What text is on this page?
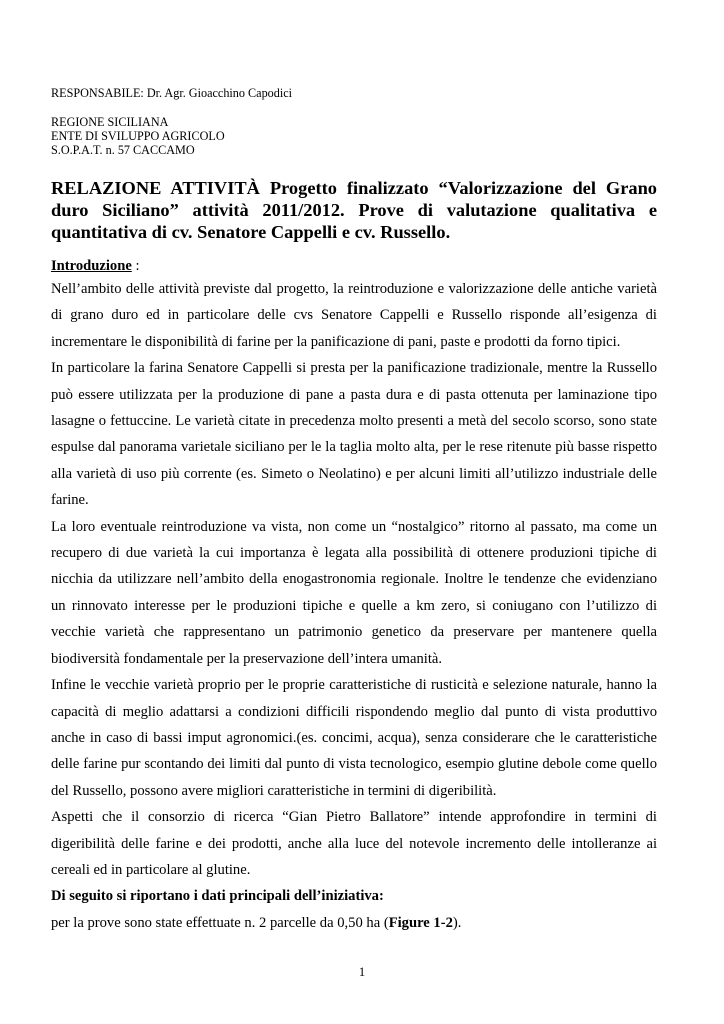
RESPONSABILE: Dr. Agr. Gioacchino Capodici
REGIONE SICILIANA
ENTE DI SVILUPPO AGRICOLO
S.O.P.A.T. n. 57 CACCAMO
RELAZIONE ATTIVITÀ Progetto finalizzato “Valorizzazione del Grano duro Siciliano” attività 2011/2012. Prove di valutazione qualitativa e quantitativa di cv. Senatore Cappelli e cv. Russello.
Introduzione :

Nell’ambito delle attività previste dal progetto, la reintroduzione e valorizzazione delle antiche varietà di grano duro ed in particolare delle cvs Senatore Cappelli e Russello risponde all’esigenza di incrementare le disponibilità di farine per la panificazione di pani, paste e prodotti da forno tipici.

In particolare la farina Senatore Cappelli si presta per la panificazione tradizionale, mentre la Russello può essere utilizzata per la produzione di pane a pasta dura e di pasta ottenuta per laminazione tipo lasagne o fettuccine. Le varietà citate in precedenza molto presenti a metà del secolo scorso, sono state espulse dal panorama varietale siciliano per le la taglia molto alta, per le rese ritenute più basse rispetto alla varietà di uso più corrente (es. Simeto o Neolatino) e per alcuni limiti all’utilizzo industriale delle farine.

La loro eventuale reintroduzione va vista, non come un “nostalgico” ritorno al passato, ma come un recupero di due varietà la cui importanza è legata alla possibilità di ottenere produzioni tipiche di nicchia da utilizzare nell’ambito della enogastronomia regionale. Inoltre le tendenze che evidenziano un rinnovato interesse per le produzioni tipiche e quelle a km zero, si coniugano con l’utilizzo di vecchie varietà che rappresentano un patrimonio genetico da preservare per mantenere quella biodiversità fondamentale per la preservazione dell’intera umanità.

Infine le vecchie varietà proprio per le proprie caratteristiche di rusticità e selezione naturale, hanno la capacità di meglio adattarsi a condizioni difficili rispondendo meglio dal punto di vista produttivo anche in caso di bassi imput agronomici.(es. concimi, acqua), senza considerare che le caratteristiche delle farine pur scontando dei limiti dal punto di vista tecnologico, esempio glutine debole come quello del Russello, possono avere migliori caratteristiche in termini di digeribilità.

Aspetti che il consorzio di ricerca “Gian Pietro Ballatore” intende approfondire in termini di digeribilità delle farine e dei prodotti, anche alla luce del notevole incremento delle intolleranze ai cereali ed in particolare al glutine.

Di seguito si riportano i dati principali dell’iniziativa:

per la prove sono state effettuate n. 2 parcelle da 0,50 ha (Figure 1-2).

1
